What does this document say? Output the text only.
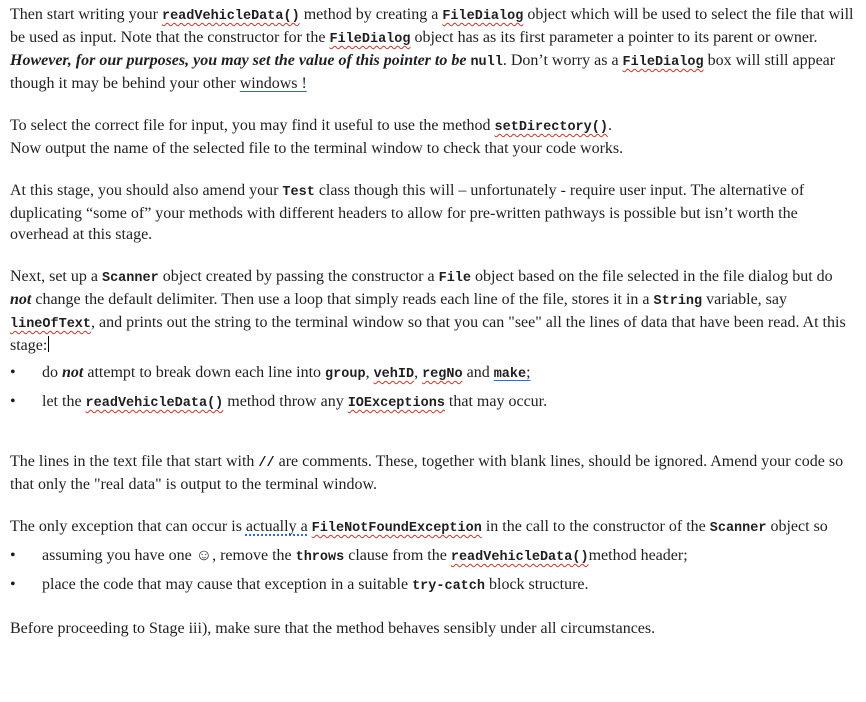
Then start writing your readVehicleData() method by creating a FileDialog object which will be used to select the file that will be used as input. Note that the constructor for the FileDialog object has as its first parameter a pointer to its parent or owner. However, for our purposes, you may set the value of this pointer to be null. Don’t worry as a FileDialog box will still appear though it may be behind your other windows !

To select the correct file for input, you may find it useful to use the method setDirectory().
Now output the name of the selected file to the terminal window to check that your code works.

At this stage, you should also amend your Test class though this will – unfortunately - require user input. The alternative of duplicating “some of” your methods with different headers to allow for pre-written pathways is possible but isn’t worth the overhead at this stage.

Next, set up a Scanner object created by passing the constructor a File object based on the file selected in the file dialog but do not change the default delimiter. Then use a loop that simply reads each line of the file, stores it in a String variable, say lineOfText, and prints out the string to the terminal window so that you can "see" all the lines of data that have been read. At this stage:

• do not attempt to break down each line into group, vehID, regNo and make;
• let the readVehicleData() method throw any IOExceptions that may occur.

The lines in the text file that start with // are comments. These, together with blank lines, should be ignored. Amend your code so that only the "real data" is output to the terminal window.

The only exception that can occur is actually a FileNotFoundException in the call to the constructor of the Scanner object so

• assuming you have one ☺, remove the throws clause from the readVehicleData()method header;
• place the code that may cause that exception in a suitable try-catch block structure.

Before proceeding to Stage iii), make sure that the method behaves sensibly under all circumstances.
